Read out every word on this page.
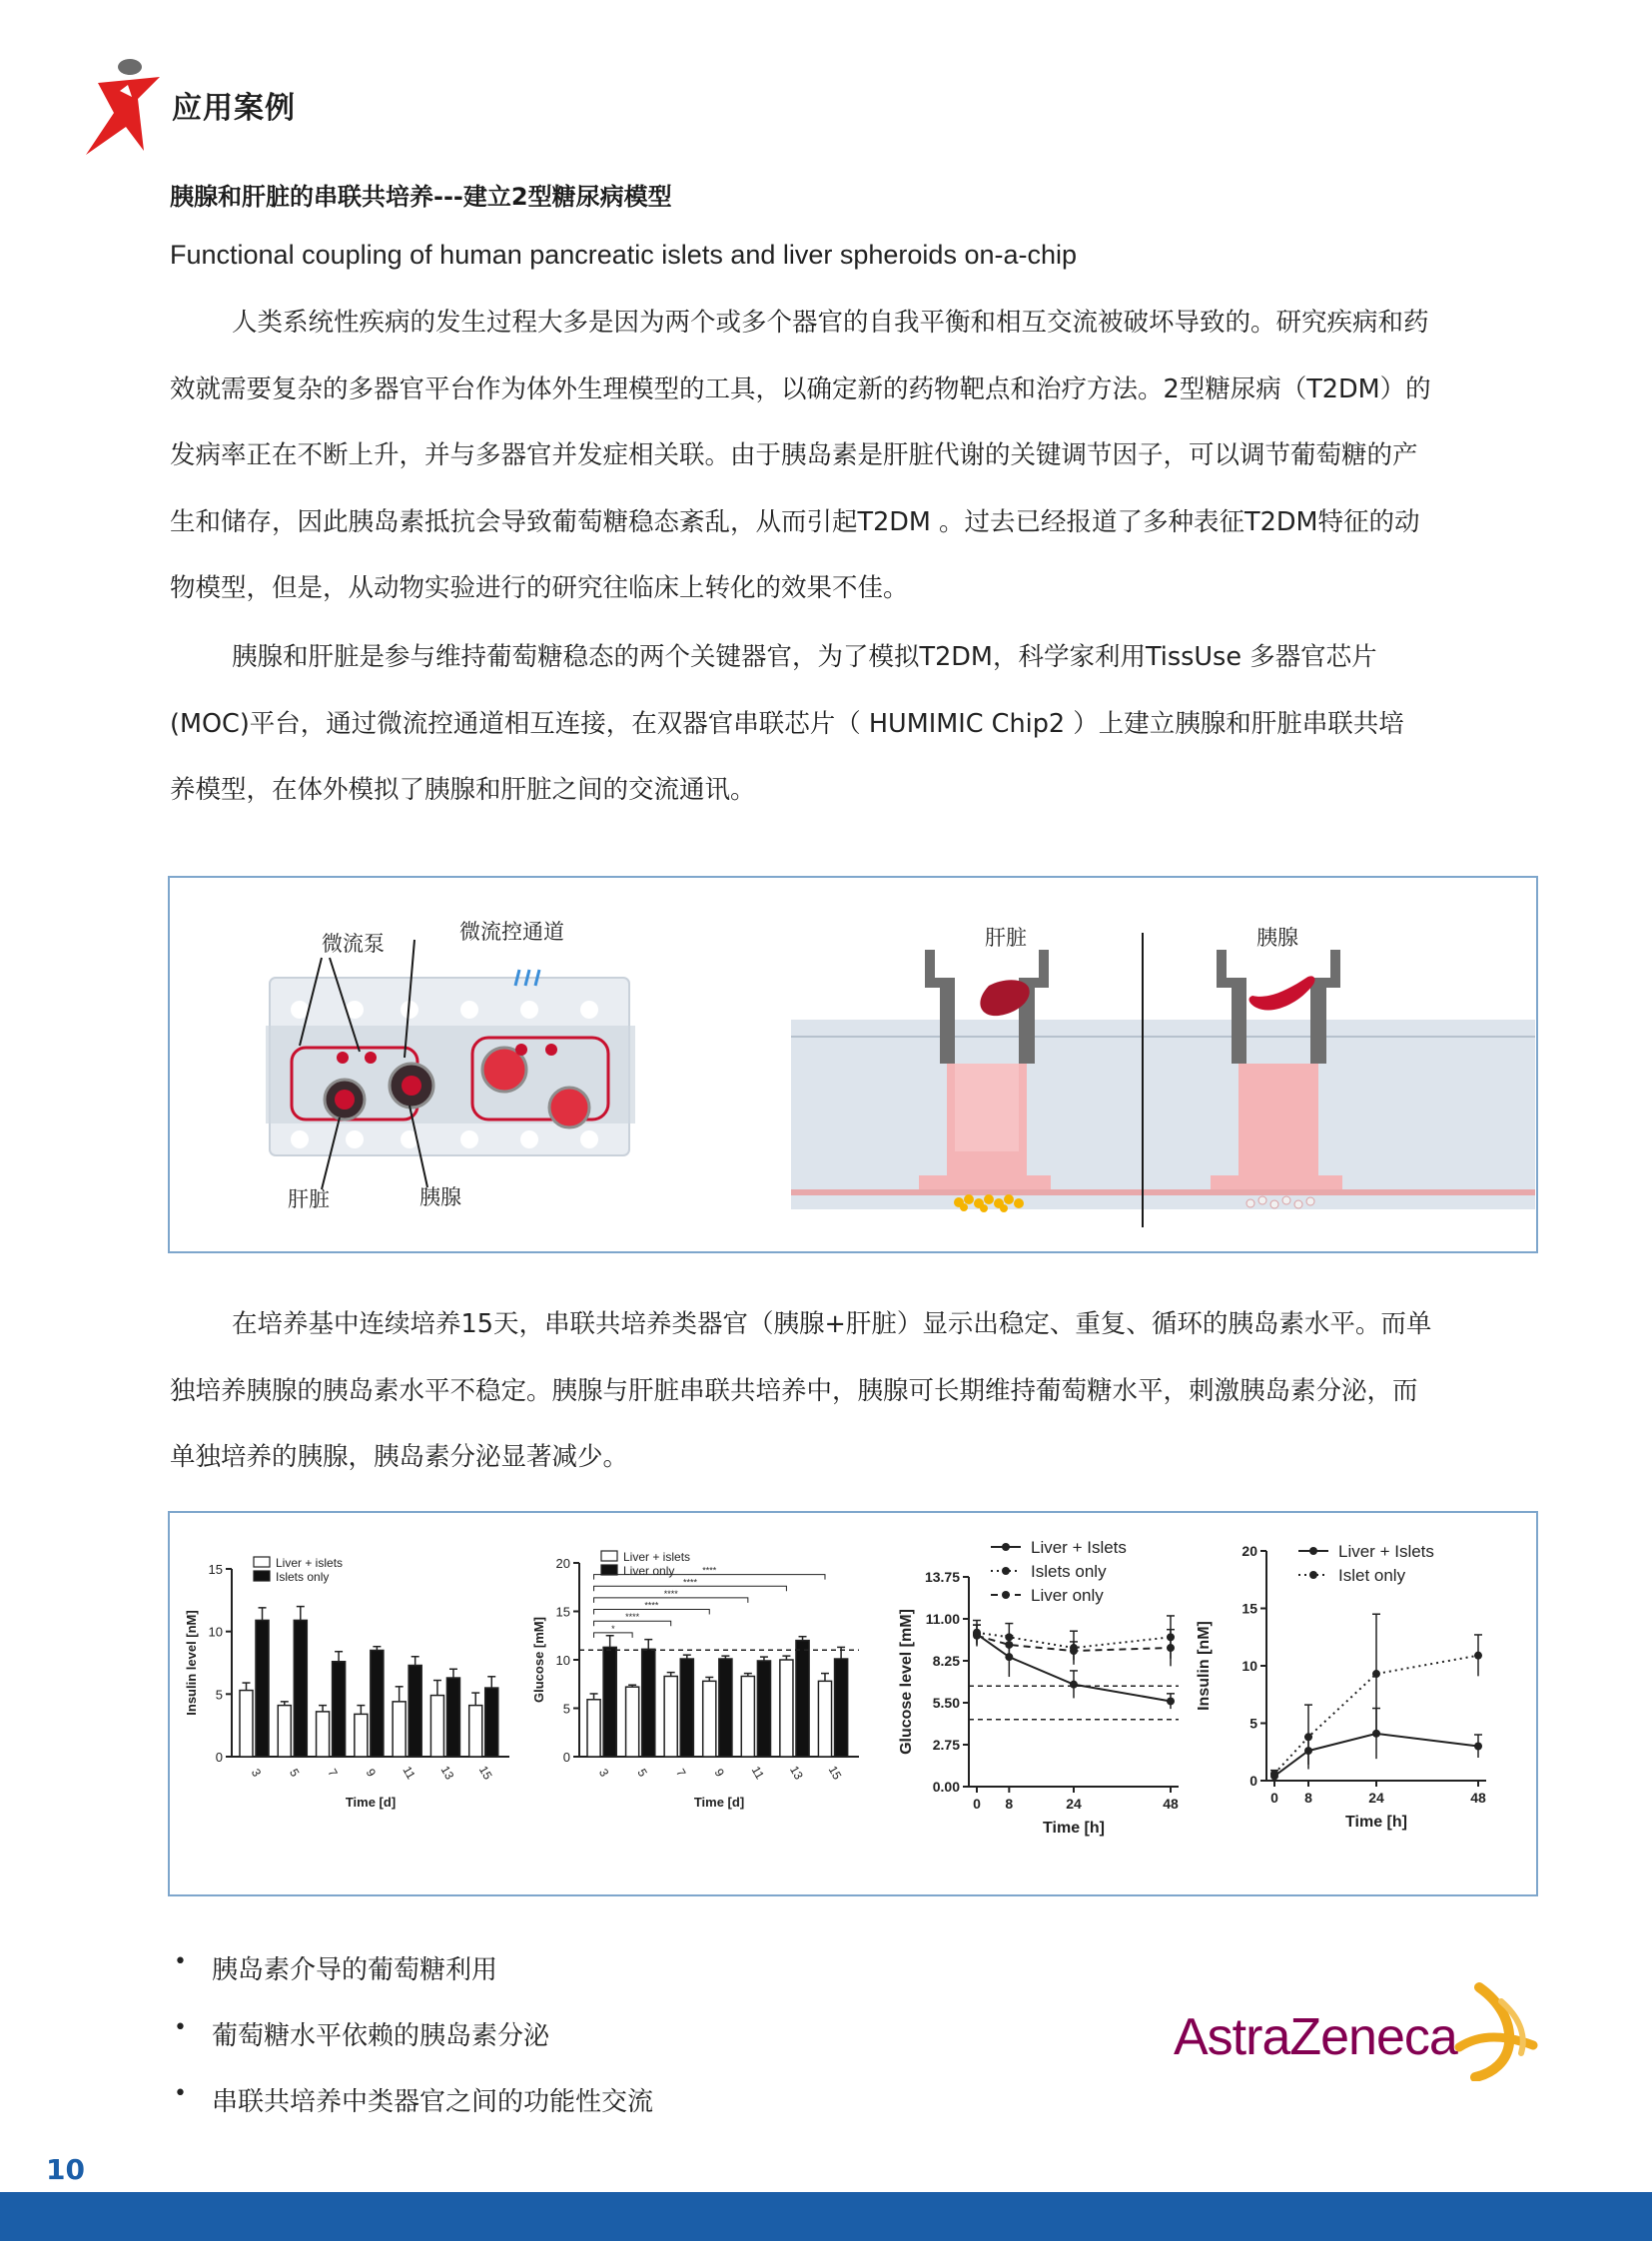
应用案例
胰腺和肝脏的串联共培养---建立2型糖尿病模型
Functional coupling of human pancreatic islets and liver spheroids on-a-chip
人类系统性疾病的发生过程大多是因为两个或多个器官的自我平衡和相互交流被破坏导致的。研究疾病和药
效就需要复杂的多器官平台作为体外生理模型的工具，以确定新的药物靶点和治疗方法。2型糖尿病（T2DM）的
发病率正在不断上升，并与多器官并发症相关联。由于胰岛素是肝脏代谢的关键调节因子，可以调节葡萄糖的产
生和储存，因此胰岛素抵抗会导致葡萄糖稳态紊乱，从而引起T2DM 。过去已经报道了多种表征T2DM特征的动
物模型，但是，从动物实验进行的研究往临床上转化的效果不佳。
胰腺和肝脏是参与维持葡萄糖稳态的两个关键器官，为了模拟T2DM，科学家利用TissUse 多器官芯片
(MOC)平台，通过微流控通道相互连接，在双器官串联芯片（ HUMIMIC Chip2 ）上建立胰腺和肝脏串联共培
养模型，在体外模拟了胰腺和肝脏之间的交流通讯。
微流泵	微流控通道
肝脏	胰腺
肝脏	胰腺
在培养基中连续培养15天，串联共培养类器官（胰腺+肝脏）显示出稳定、重复、循环的胰岛素水平。而单
独培养胰腺的胰岛素水平不稳定。胰腺与肝脏串联共培养中，胰腺可长期维持葡萄糖水平，刺激胰岛素分泌，而
单独培养的胰腺，胰岛素分泌显著减少。
0
5
10
15
3 5 7 9 11 13 15
Time [d]
Insulin level [nM]
Liver + islets
Islets only
0
5
10
15
20
3 5 7 9 11 13 15
Time [d]
Glucose [mM]
Liver + islets
Liver only
*
****
****
****
****
****
0.00
2.75
5.50
8.25
11.00
13.75
0 8	24	48
Time [h]
Glucose level [mM]
Liver + Islets
Islets only
Liver only
0
5
10
15
20
0 8	24	48
Time [h]
Insulin [nM]
Liver + Islets
Islet only
• 胰岛素介导的葡萄糖利用
• 葡萄糖水平依赖的胰岛素分泌
• 串联共培养中类器官之间的功能性交流
AstraZeneca
10
